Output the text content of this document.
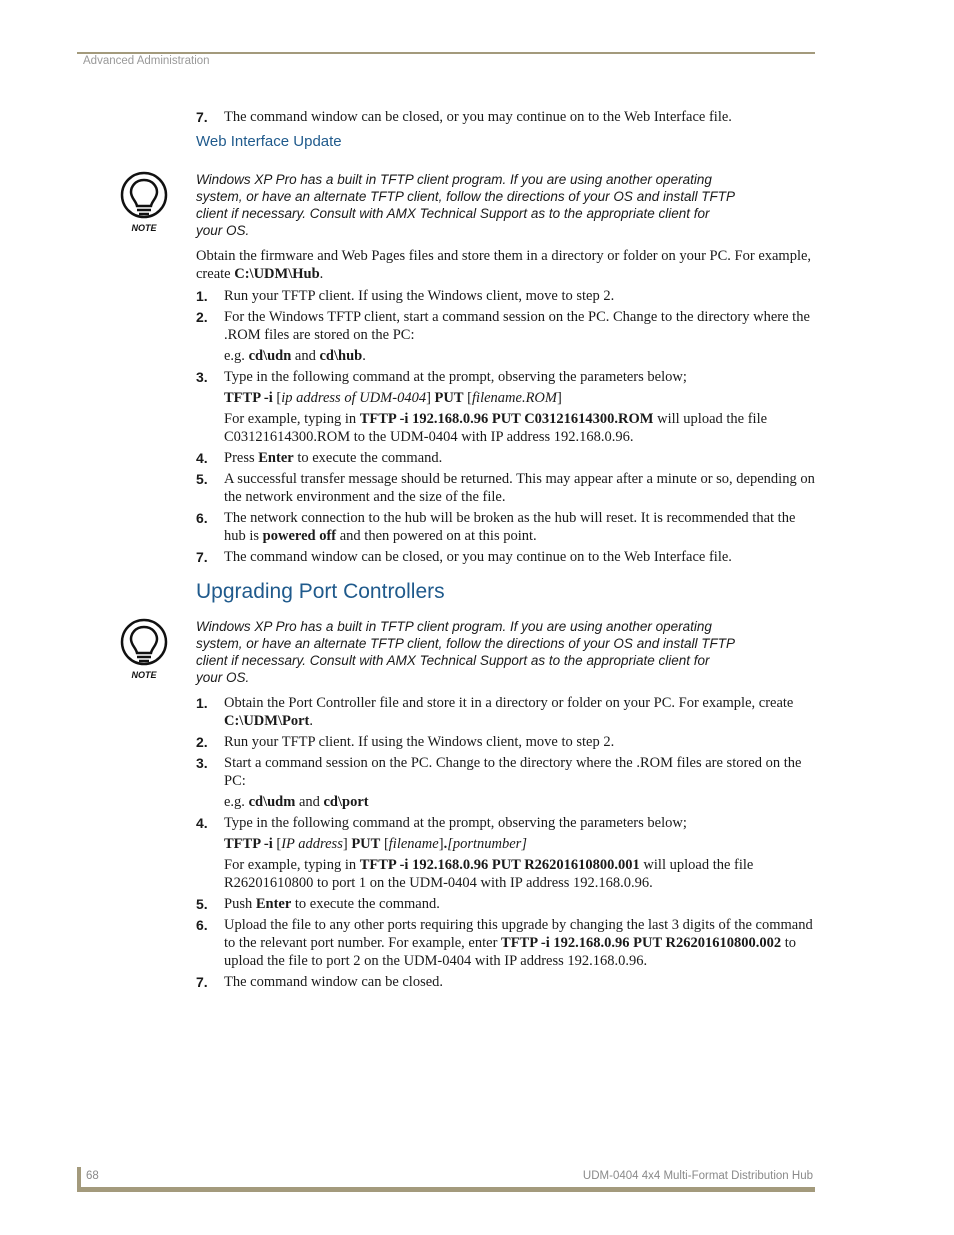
Advanced Administration
7.	The command window can be closed, or you may continue on to the Web Interface file.
Web Interface Update
NOTE
Windows XP Pro has a built in TFTP client program. If you are using another operating system, or have an alternate TFTP client, follow the directions of your OS and install TFTP client if necessary. Consult with AMX Technical Support as to the appropriate client for your OS.
Obtain the firmware and Web Pages files and store them in a directory or folder on your PC. For example, create C:\UDM\Hub.
1.	Run your TFTP client. If using the Windows client, move to step 2.
2.	For the Windows TFTP client, start a command session on the PC. Change to the directory where the .ROM files are stored on the PC:
e.g. cd\udn and cd\hub.
3.	Type in the following command at the prompt, observing the parameters below;
TFTP -i [ip address of UDM-0404] PUT [filename.ROM]
For example, typing in TFTP -i 192.168.0.96 PUT C03121614300.ROM will upload the file C03121614300.ROM to the UDM-0404 with IP address 192.168.0.96.
4.	Press Enter to execute the command.
5.	A successful transfer message should be returned. This may appear after a minute or so, depending on the network environment and the size of the file.
6.	The network connection to the hub will be broken as the hub will reset. It is recommended that the hub is powered off and then powered on at this point.
7.	The command window can be closed, or you may continue on to the Web Interface file.
Upgrading Port Controllers
NOTE
Windows XP Pro has a built in TFTP client program. If you are using another operating system, or have an alternate TFTP client, follow the directions of your OS and install TFTP client if necessary. Consult with AMX Technical Support as to the appropriate client for your OS.
1.	Obtain the Port Controller file and store it in a directory or folder on your PC. For example, create C:\UDM\Port.
2.	Run your TFTP client. If using the Windows client, move to step 2.
3.	Start a command session on the PC. Change to the directory where the .ROM files are stored on the PC:
e.g. cd\udm and cd\port
4.	Type in the following command at the prompt, observing the parameters below;
TFTP -i [IP address] PUT [filename].[portnumber]
For example, typing in TFTP -i 192.168.0.96 PUT R26201610800.001 will upload the file R26201610800 to port 1 on the UDM-0404 with IP address 192.168.0.96.
5.	Push Enter to execute the command.
6.	Upload the file to any other ports requiring this upgrade by changing the last 3 digits of the command to the relevant port number. For example, enter TFTP -i 192.168.0.96 PUT R26201610800.002 to upload the file to port 2 on the UDM-0404 with IP address 192.168.0.96.
7.	The command window can be closed.
68	UDM-0404 4x4 Multi-Format Distribution Hub
